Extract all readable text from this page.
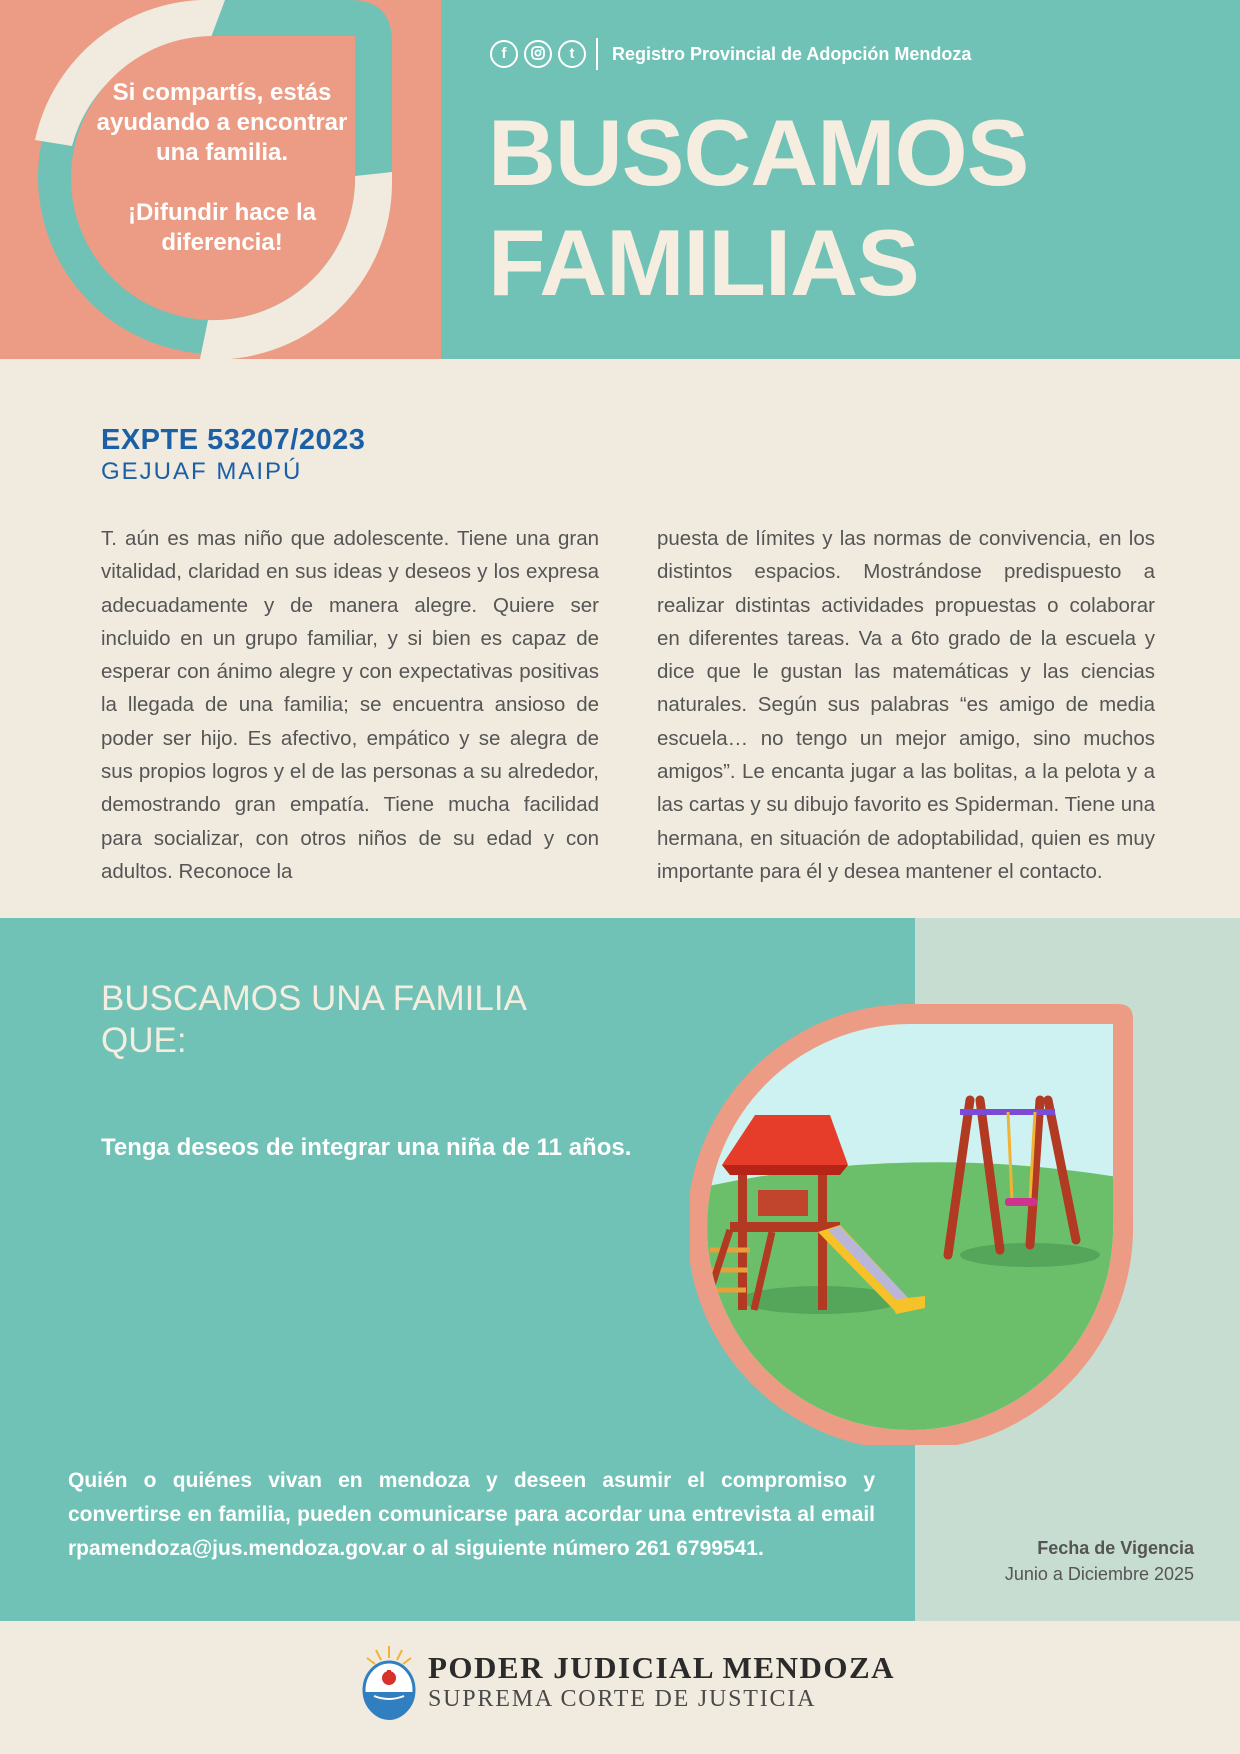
Si compartís, estás ayudando a encontrar una familia.

¡Difundir hace la diferencia!

f	t	Registro Provincial de Adopción Mendoza
BUSCAMOS
FAMILIAS
EXPTE 53207/2023
GEJUAF MAIPÚ

T. aún es mas niño que adolescente. Tiene una gran vitalidad, claridad en sus ideas y deseos y los expresa adecuadamente y de manera alegre. Quiere ser incluido en un grupo familiar, y si bien es capaz de esperar con ánimo alegre y con expectativas positivas la llegada de una familia; se encuentra ansioso de poder ser hijo. Es afectivo, empático y se alegra de sus propios logros y el de las personas a su alrededor, demostrando gran empatía. Tiene mucha facilidad para socializar, con otros niños de su edad y con adultos. Reconoce la

puesta de límites y las normas de convivencia, en los distintos espacios. Mostrándose predispuesto a realizar distintas actividades propuestas o colaborar en diferentes tareas. Va a 6to grado de la escuela y dice que le gustan las matemáticas y las ciencias naturales. Según sus palabras “es amigo de media escuela… no tengo un mejor amigo, sino muchos amigos”. Le encanta jugar a las bolitas, a la pelota y a las cartas y su dibujo favorito es Spiderman. Tiene una hermana, en situación de adoptabilidad, quien es muy importante para él y desea mantener el contacto.

BUSCAMOS UNA FAMILIA QUE:
Tenga deseos de integrar una niña de 11 años.

Quién o quiénes vivan en mendoza y deseen asumir el compromiso y convertirse en familia, pueden comunicarse para acordar una entrevista al email rpamendoza@jus.mendoza.gov.ar o al siguiente número 261 6799541.	Fecha de Vigencia
Junio a Diciembre 2025
PODER JUDICIAL MENDOZA
SUPREMA CORTE DE JUSTICIA
